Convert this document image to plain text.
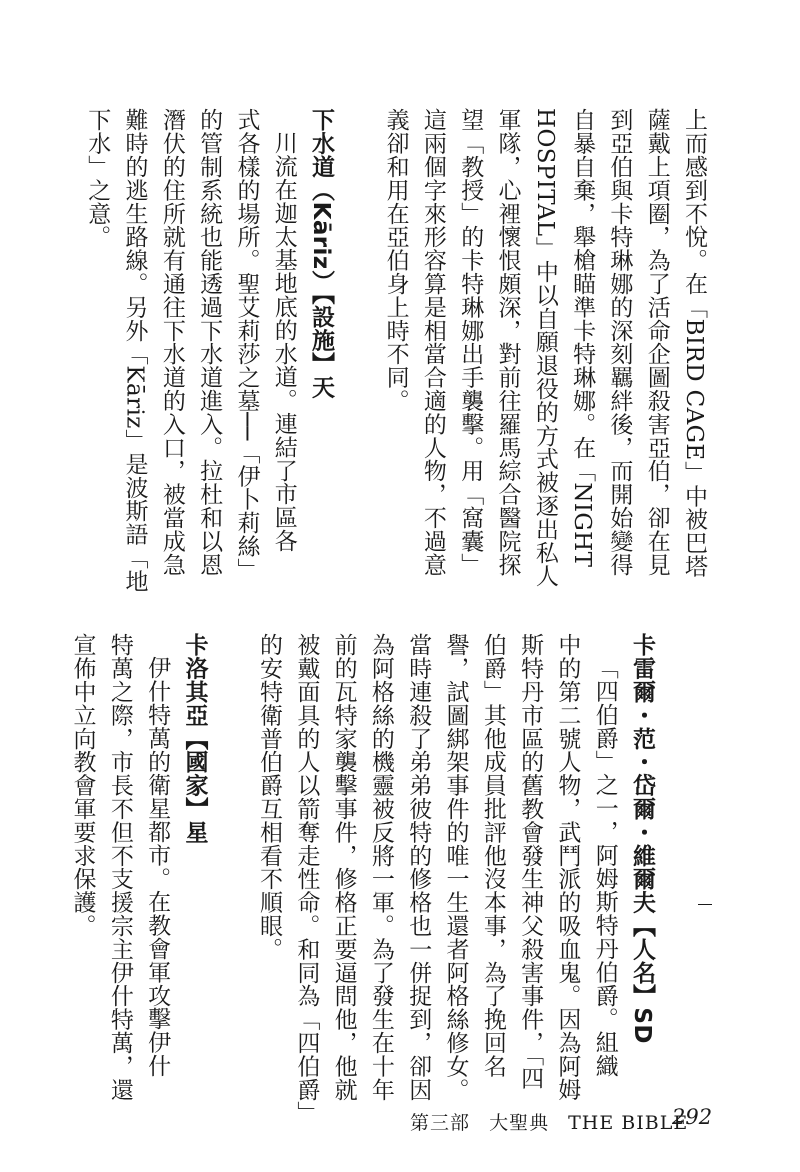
上而感到不悅。在「BIRD CAGE」中被巴塔
薩戴上項圈，為了活命企圖殺害亞伯，卻在見
到亞伯與卡特琳娜的深刻羈絆後，而開始變得
自暴自棄，舉槍瞄準卡特琳娜。在「NIGHT
HOSPITAL」中以自願退役的方式被逐出私人
軍隊，心裡懷恨頗深，對前往羅馬綜合醫院探
望「教授」的卡特琳娜出手襲擊。用「窩囊」
這兩個字來形容算是相當合適的人物，不過意
義卻和用在亞伯身上時不同。

下水道（Kāriz）【設施】天
川流在迦太基地底的水道。連結了市區各
式各樣的場所。聖艾莉莎之墓──「伊卜莉絲」
的管制系統也能透過下水道進入。拉杜和以恩
潛伏的住所就有通往下水道的入口，被當成急
難時的逃生路線。另外「Kāriz」是波斯語「地
下水」之意。
卡雷爾・范・岱爾・維爾夫【人名】SD
「四伯爵」之一，阿姆斯特丹伯爵。組織
中的第二號人物，武鬥派的吸血鬼。因為阿姆
斯特丹市區的舊教會發生神父殺害事件，「四
伯爵」其他成員批評他沒本事，為了挽回名
譽，試圖綁架事件的唯一生還者阿格絲修女。
當時連殺了弟弟彼特的修格也一併捉到，卻因
為阿格絲的機靈被反將一軍。為了發生在十年
前的瓦特家襲擊事件，修格正要逼問他，他就
被戴面具的人以箭奪走性命。和同為「四伯爵」
的安特衛普伯爵互相看不順眼。

卡洛其亞【國家】星
伊什特萬的衛星都市。在教會軍攻擊伊什
特萬之際，市長不但不支援宗主伊什特萬，還
宣佈中立向教會軍要求保護。
第三部 大聖典 THE BIBLE
292
